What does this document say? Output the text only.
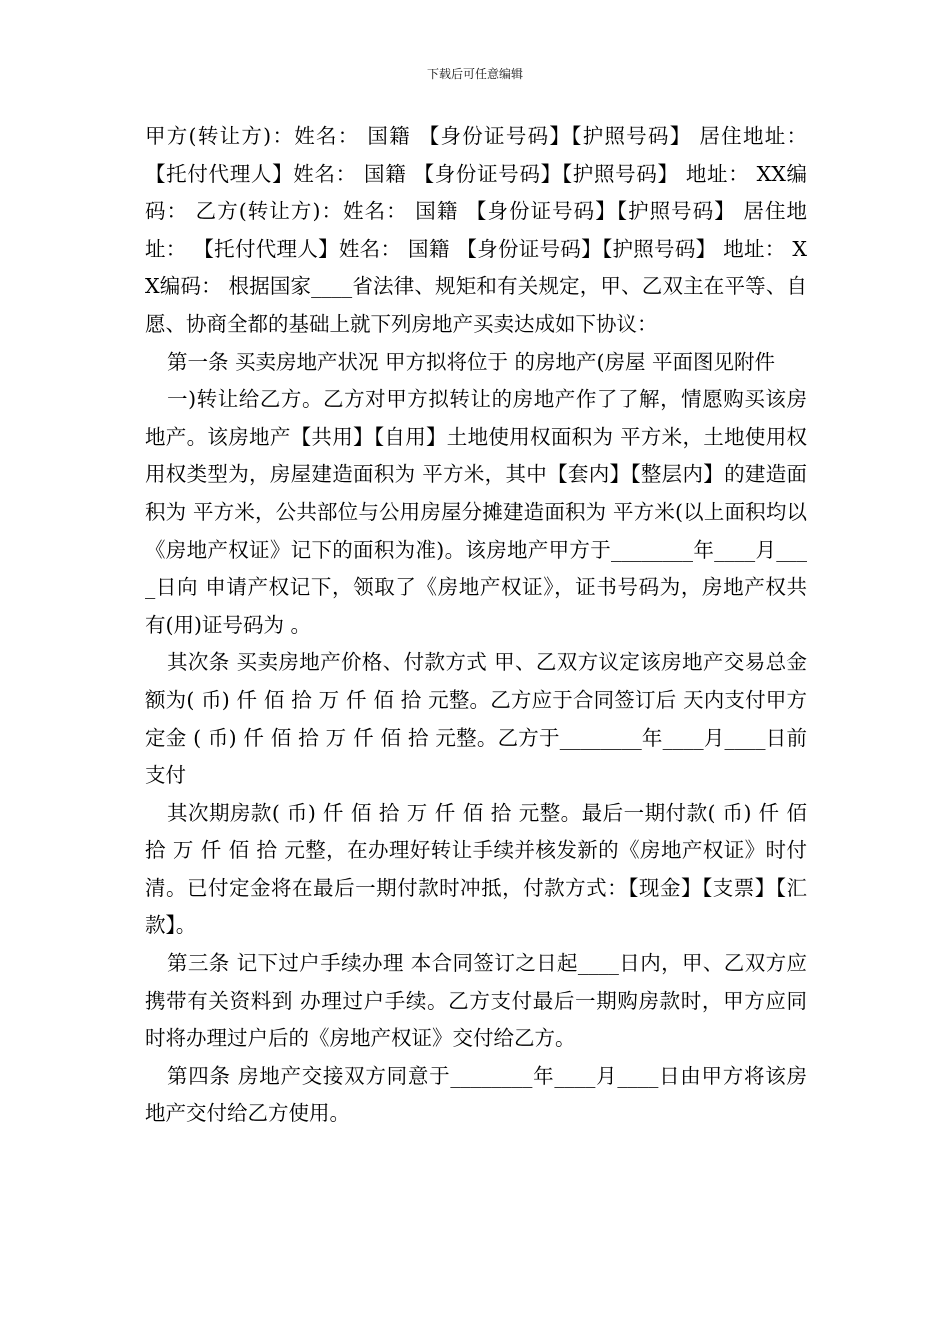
下载后可任意编辑

甲方(转让方)：姓名： 国籍 【身份证号码】【护照号码】 居住地址： 【托付代理人】姓名： 国籍 【身份证号码】【护照号码】 地址： XX编码： 乙方(转让方)：姓名： 国籍 【身份证号码】【护照号码】 居住地址： 【托付代理人】姓名： 国籍 【身份证号码】【护照号码】 地址： XX编码： 根据国家____省法律、规矩和有关规定，甲、乙双主在平等、自愿、协商全都的基础上就下列房地产买卖达成如下协议：

第一条 买卖房地产状况 甲方拟将位于 的房地产(房屋 平面图见附件

一)转让给乙方。乙方对甲方拟转让的房地产作了了解，情愿购买该房地产。该房地产【共用】【自用】土地使用权面积为 平方米，土地使用权用权类型为，房屋建造面积为 平方米，其中【套内】【整层内】的建造面积为 平方米，公共部位与公用房屋分摊建造面积为 平方米(以上面积均以《房地产权证》记下的面积为准)。该房地产甲方于________年____月____日向 申请产权记下，领取了《房地产权证》，证书号码为，房地产权共有(用)证号码为 。

其次条 买卖房地产价格、付款方式 甲、乙双方议定该房地产交易总金额为( 币) 仟 佰 拾 万 仟 佰 拾 元整。乙方应于合同签订后 天内支付甲方定金 ( 币) 仟 佰 拾 万 仟 佰 拾 元整。乙方于________年____月____日前支付

其次期房款( 币) 仟 佰 拾 万 仟 佰 拾 元整。最后一期付款( 币) 仟 佰 拾 万 仟 佰 拾 元整，在办理好转让手续并核发新的《房地产权证》时付清。已付定金将在最后一期付款时冲抵，付款方式：【现金】【支票】【汇款】。

第三条 记下过户手续办理 本合同签订之日起____日内，甲、乙双方应携带有关资料到 办理过户手续。乙方支付最后一期购房款时，甲方应同时将办理过户后的《房地产权证》交付给乙方。

第四条 房地产交接双方同意于________年____月____日由甲方将该房地产交付给乙方使用。
